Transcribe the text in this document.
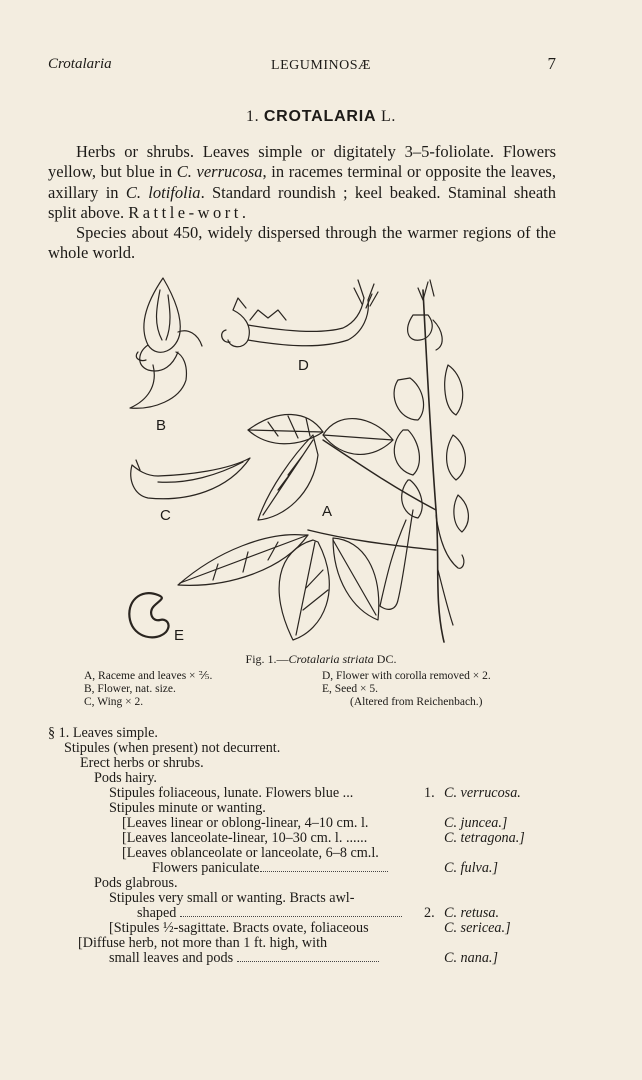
Crotalaria	LEGUMINOSÆ	7
1. CROTALARIA L.

Herbs or shrubs. Leaves simple or digitately 3–5-foliolate. Flowers yellow, but blue in C. verrucosa, in racemes terminal or opposite the leaves, axillary in C. lotifolia. Standard roundish ; keel beaked. Staminal sheath split above. Rattle-wort.

Species about 450, widely dispersed through the warmer regions of the whole world.

B
D
C	A
E
Fig. 1.—Crotalaria striata DC.
A, Raceme and leaves × ⅖.
B, Flower, nat. size.
C, Wing × 2.
D, Flower with corolla removed × 2.
E, Seed × 5.
(Altered from Reichenbach.)
§ 1. Leaves simple.
Stipules (when present) not decurrent.
Erect herbs or shrubs.
Pods hairy.
Stipules foliaceous, lunate. Flowers blue ...	1. C. verrucosa.
Stipules minute or wanting.
[Leaves linear or oblong-linear, 4–10 cm. l.	C. juncea.]
[Leaves lanceolate-linear, 10–30 cm. l. ......	C. tetragona.]
[Leaves oblanceolate or lanceolate, 6–8 cm.l.
Flowers paniculate	C. fulva.]
Pods glabrous.
Stipules very small or wanting. Bracts awl-
shaped	2. C. retusa.
[Stipules ½-sagittate. Bracts ovate, foliaceous	C. sericea.]
[Diffuse herb, not more than 1 ft. high, with
small leaves and pods	C. nana.]
